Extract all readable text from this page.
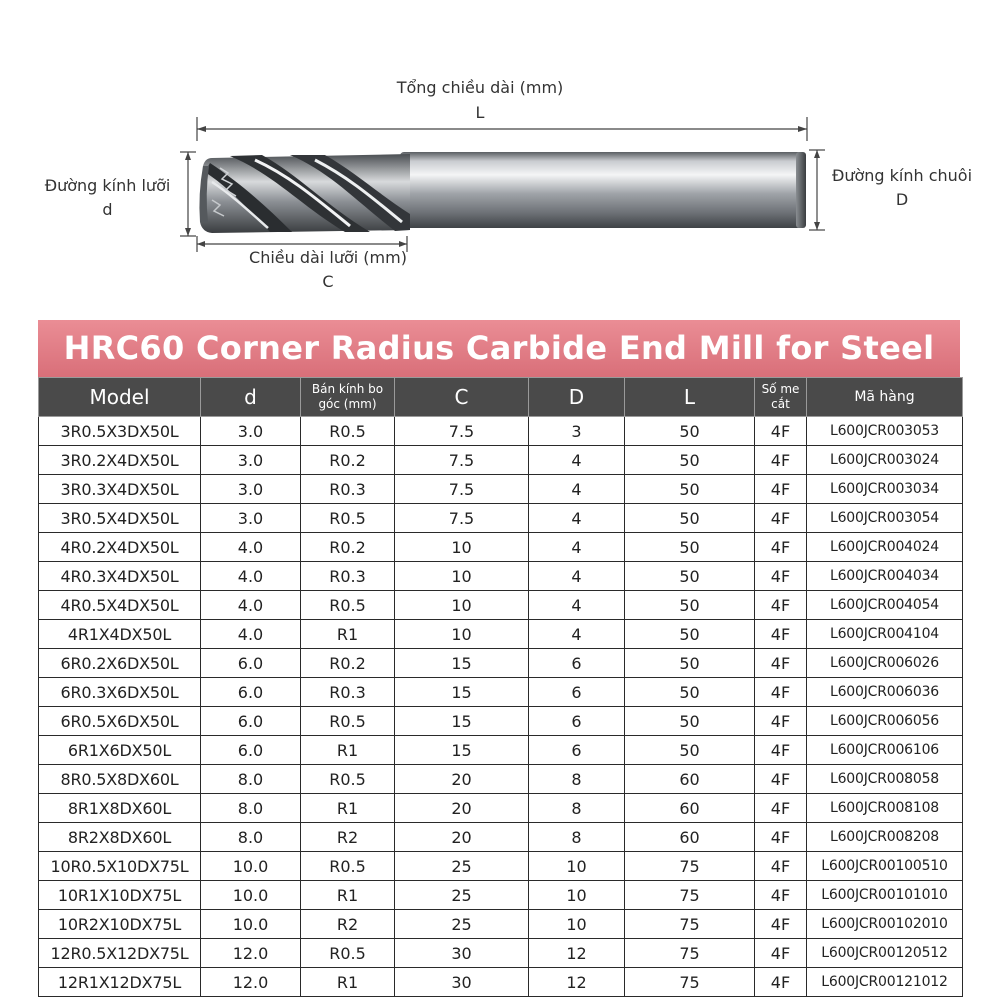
Tổng chiều dài (mm)
L
Đường kính lưỡi
d
Đường kính chuôi
D
Chiều dài lưỡi (mm)
C
HRC60 Corner Radius Carbide End Mill for Steel
Model	d	Bán kính bo góc (mm)	C	D	L	Số me cắt	Mã hàng
3R0.5X3DX50L	3.0	R0.5	7.5	3	50	4F	L600JCR003053
3R0.2X4DX50L	3.0	R0.2	7.5	4	50	4F	L600JCR003024
3R0.3X4DX50L	3.0	R0.3	7.5	4	50	4F	L600JCR003034
3R0.5X4DX50L	3.0	R0.5	7.5	4	50	4F	L600JCR003054
4R0.2X4DX50L	4.0	R0.2	10	4	50	4F	L600JCR004024
4R0.3X4DX50L	4.0	R0.3	10	4	50	4F	L600JCR004034
4R0.5X4DX50L	4.0	R0.5	10	4	50	4F	L600JCR004054
4R1X4DX50L	4.0	R1	10	4	50	4F	L600JCR004104
6R0.2X6DX50L	6.0	R0.2	15	6	50	4F	L600JCR006026
6R0.3X6DX50L	6.0	R0.3	15	6	50	4F	L600JCR006036
6R0.5X6DX50L	6.0	R0.5	15	6	50	4F	L600JCR006056
6R1X6DX50L	6.0	R1	15	6	50	4F	L600JCR006106
8R0.5X8DX60L	8.0	R0.5	20	8	60	4F	L600JCR008058
8R1X8DX60L	8.0	R1	20	8	60	4F	L600JCR008108
8R2X8DX60L	8.0	R2	20	8	60	4F	L600JCR008208
10R0.5X10DX75L	10.0	R0.5	25	10	75	4F	L600JCR00100510
10R1X10DX75L	10.0	R1	25	10	75	4F	L600JCR00101010
10R2X10DX75L	10.0	R2	25	10	75	4F	L600JCR00102010
12R0.5X12DX75L	12.0	R0.5	30	12	75	4F	L600JCR00120512
12R1X12DX75L	12.0	R1	30	12	75	4F	L600JCR00121012
